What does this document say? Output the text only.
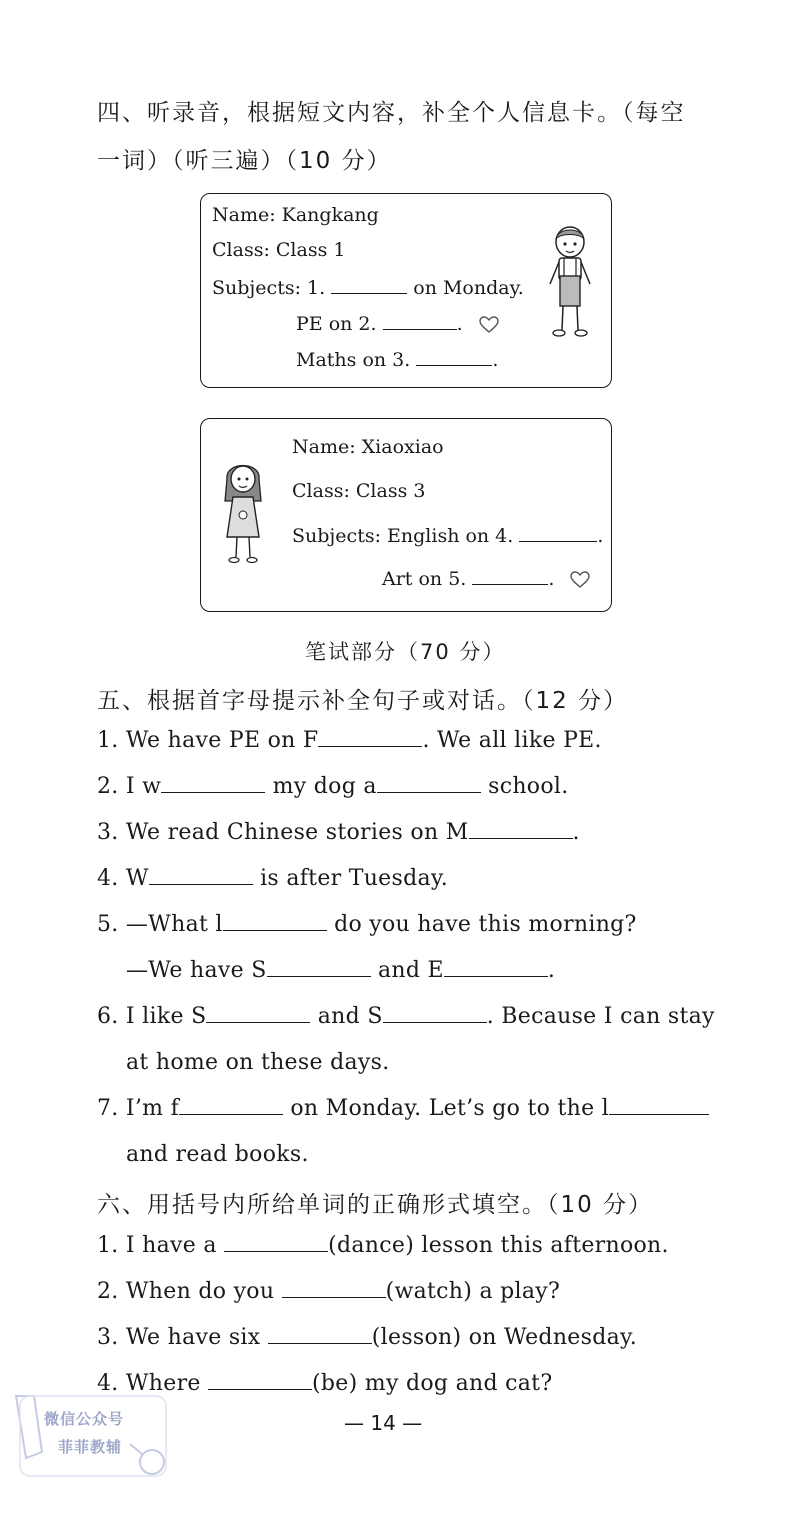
四、听录音，根据短文内容，补全个人信息卡。（每空
一词）（听三遍）（10 分）
Name: Kangkang
Class: Class 1
Subjects: 1.	on Monday.
PE on 2.	.
Maths on 3.	.
Name: Xiaoxiao
Class: Class 3
Subjects: English on 4.	.
Art on 5.	.
笔试部分（70 分）
五、根据首字母提示补全句子或对话。（12 分）
1. We have PE on F	. We all like PE.
2. I w	my dog a	school.
3. We read Chinese stories on M	.
4. W	is after Tuesday.
5. —What l	do you have this morning?
—We have S	and E	.
6. I like S	and S	. Because I can stay
at home on these days.
7. I’m f	on Monday. Let’s go to the l
and read books.
六、用括号内所给单词的正确形式填空。（10 分）
1. I have a	(dance) lesson this afternoon.
2. When do you	(watch) a play?
3. We have six	(lesson) on Wednesday.
4. Where	(be) my dog and cat?
微信公众号
菲菲教辅
— 14 —
